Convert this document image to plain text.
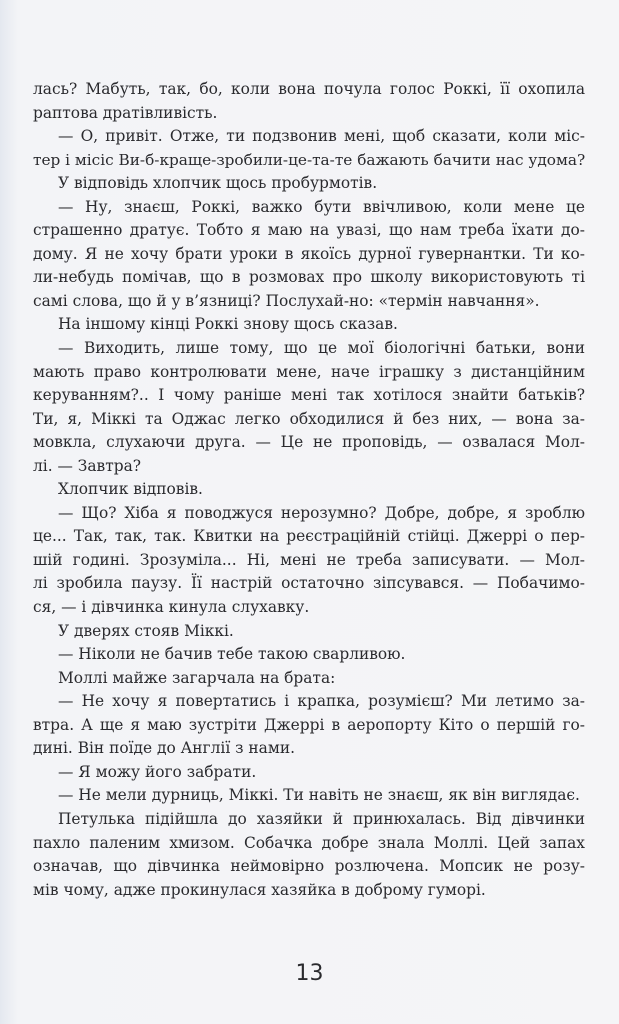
лась? Мабуть, так, бо, коли вона почула голос Роккі, її охопила
раптова дратівливість.
— О, привіт. Отже, ти подзвонив мені, щоб сказати, коли міс-
тер і місіс Ви-б-краще-зробили-це-та-те бажають бачити нас удома?
У відповідь хлопчик щось пробурмотів.
— Ну, знаєш, Роккі, важко бути ввічливою, коли мене це
страшенно дратує. Тобто я маю на увазі, що нам треба їхати до-
дому. Я не хочу брати уроки в якоїсь дурної гувернантки. Ти ко-
ли-небудь помічав, що в розмовах про школу використовують ті
самі слова, що й у в’язниці? Послухай-но: «термін навчання».
На іншому кінці Роккі знову щось сказав.
— Виходить, лише тому, що це мої біологічні батьки, вони
мають право контролювати мене, наче іграшку з дистанційним
керуванням?.. І чому раніше мені так хотілося знайти батьків?
Ти, я, Міккі та Оджас легко обходилися й без них, — вона за-
мовкла, слухаючи друга. — Це не проповідь, — озвалася Мол-
лі. — Завтра?
Хлопчик відповів.
— Що? Хіба я поводжуся нерозумно? Добре, добре, я зроблю
це... Так, так, так. Квитки на реєстраційній стійці. Джеррі о пер-
шій годині. Зрозуміла... Ні, мені не треба записувати. — Мол-
лі зробила паузу. Її настрій остаточно зіпсувався. — Побачимо-
ся, — і дівчинка кинула слухавку.
У дверях стояв Міккі.
— Ніколи не бачив тебе такою сварливою.
Моллі майже загарчала на брата:
— Не хочу я повертатись і крапка, розумієш? Ми летимо за-
втра. А ще я маю зустріти Джеррі в аеропорту Кіто о першій го-
дині. Він поїде до Англії з нами.
— Я можу його забрати.
— Не мели дурниць, Міккі. Ти навіть не знаєш, як він виглядає.
Петулька підійшла до хазяйки й принюхалась. Від дівчинки
пахло паленим хмизом. Собачка добре знала Моллі. Цей запах
означав, що дівчинка неймовірно розлючена. Мопсик не розу-
мів чому, адже прокинулася хазяйка в доброму гуморі.
13
